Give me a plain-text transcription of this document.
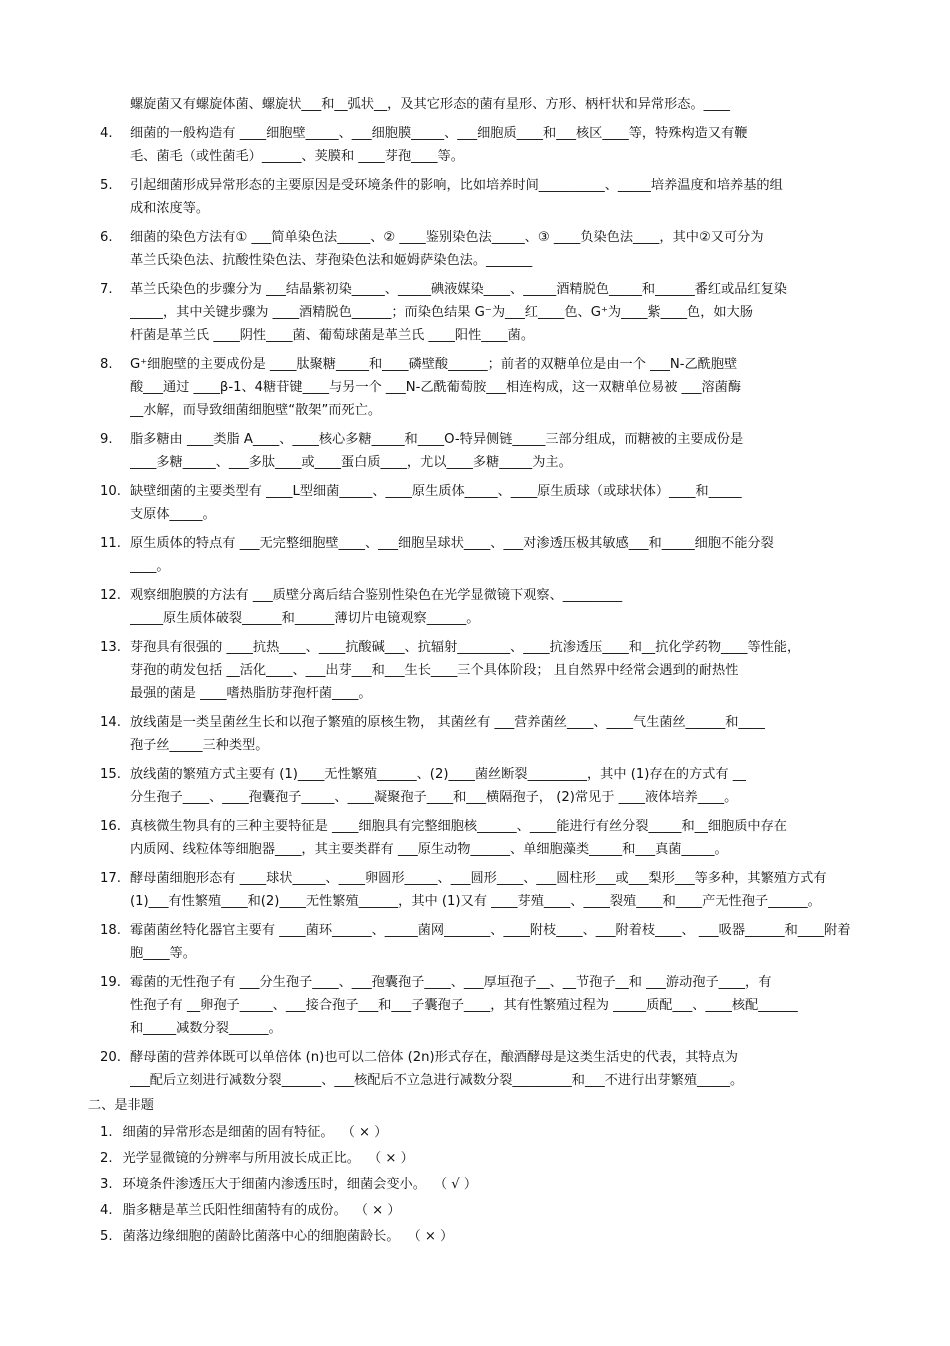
螺旋菌又有螺旋体菌、螺旋状___和__弧状__，及其它形态的菌有星形、方形、柄杆状和异常形态。____
4. 细菌的一般构造有 ____细胞壁_____、___细胞膜_____、___细胞质____和___核区____等，特殊构造又有鞭
毛、菌毛（或性菌毛）______、荚膜和 ____芽孢____等。
5. 引起细菌形成异常形态的主要原因是受环境条件的影响，比如培养时间__________、_____培养温度和培养基的组
成和浓度等。
6. 细菌的染色方法有① ___简单染色法_____、② ____鉴别染色法_____、③ ____负染色法____，其中②又可分为
革兰氏染色法、抗酸性染色法、芽孢染色法和姬姆萨染色法。_______
7. 革兰氏染色的步骤分为 ___结晶紫初染_____、_____碘液媒染____、_____酒精脱色_____和______番红或品红复染
_____，其中关键步骤为 ____酒精脱色______；而染色结果 G⁻为___红____色、G⁺为____紫____色，如大肠
杆菌是革兰氏 ____阴性____菌、葡萄球菌是革兰氏 ____阳性____菌。
8. G⁺细胞壁的主要成份是 ____肽聚糖_____和____磷壁酸______；前者的双糖单位是由一个 ___N-乙酰胞壁
酸___通过 ____β-1、4糖苷键____与另一个 ___N-乙酰葡萄胺___相连构成，这一双糖单位易被 ___溶菌酶
__水解，而导致细菌细胞壁“散架”而死亡。
9. 脂多糖由 ____类脂 A____、____核心多糖_____和____O-特异侧链_____三部分组成，而糖被的主要成份是
____多糖_____、___多肽____或____蛋白质____，尤以____多糖_____为主。
10. 缺壁细菌的主要类型有 ____L型细菌_____、____原生质体_____、____原生质球（或球状体）____和_____
支原体_____。
11. 原生质体的特点有 ___无完整细胞壁____、___细胞呈球状____、___对渗透压极其敏感___和_____细胞不能分裂
____。
12. 观察细胞膜的方法有 ___质壁分离后结合鉴别性染色在光学显微镜下观察、_________
_____原生质体破裂______和______薄切片电镜观察______。
13. 芽孢具有很强的 ____抗热____、____抗酸碱___、抗辐射________、____抗渗透压____和__抗化学药物____等性能，
芽孢的萌发包括 __活化____、___出芽___和___生长____三个具体阶段； 且自然界中经常会遇到的耐热性
最强的菌是 ____嗜热脂肪芽孢杆菌____。
14. 放线菌是一类呈菌丝生长和以孢子繁殖的原核生物， 其菌丝有 ___营养菌丝____、____气生菌丝______和____
孢子丝_____三种类型。
15. 放线菌的繁殖方式主要有 (1)____无性繁殖______、(2)____菌丝断裂_________，其中 (1)存在的方式有 __
分生孢子____、____孢囊孢子_____、____凝聚孢子____和___横隔孢子， (2)常见于 ____液体培养____。
16. 真核微生物具有的三种主要特征是 ____细胞具有完整细胞核______、____能进行有丝分裂_____和__细胞质中存在
内质网、线粒体等细胞器____，其主要类群有 ___原生动物______、单细胞藻类_____和___真菌_____。
17. 酵母菌细胞形态有 ____球状_____、____卵圆形_____、___圆形____、___圆柱形___或___梨形___等多种，其繁殖方式有
(1)___有性繁殖____和(2)____无性繁殖______，其中 (1)又有 ____芽殖____、____裂殖____和____产无性孢子______。
18. 霉菌菌丝特化器官主要有 ____菌环______、_____菌网_______、____附枝____、___附着枝____、 ___吸器______和____附着
胞____等。
19. 霉菌的无性孢子有 ___分生孢子____、___孢囊孢子____、___厚垣孢子__、__节孢子__和 ___游动孢子____，有
性孢子有 __卵孢子_____、___接合孢子___和___子囊孢子____，其有性繁殖过程为 _____质配___、____核配______
和_____减数分裂______。
20. 酵母菌的营养体既可以单倍体 (n)也可以二倍体 (2n)形式存在，酿酒酵母是这类生活史的代表，其特点为
___配后立刻进行减数分裂______、___核配后不立急进行减数分裂_________和___不进行出芽繁殖_____。
二、是非题
1. 细菌的异常形态是细菌的固有特征。 （ × ）
2. 光学显微镜的分辨率与所用波长成正比。 （ × ）
3. 环境条件渗透压大于细菌内渗透压时，细菌会变小。 （ √ ）
4. 脂多糖是革兰氏阳性细菌特有的成份。 （ × ）
5. 菌落边缘细胞的菌龄比菌落中心的细胞菌龄长。 （ × ）
